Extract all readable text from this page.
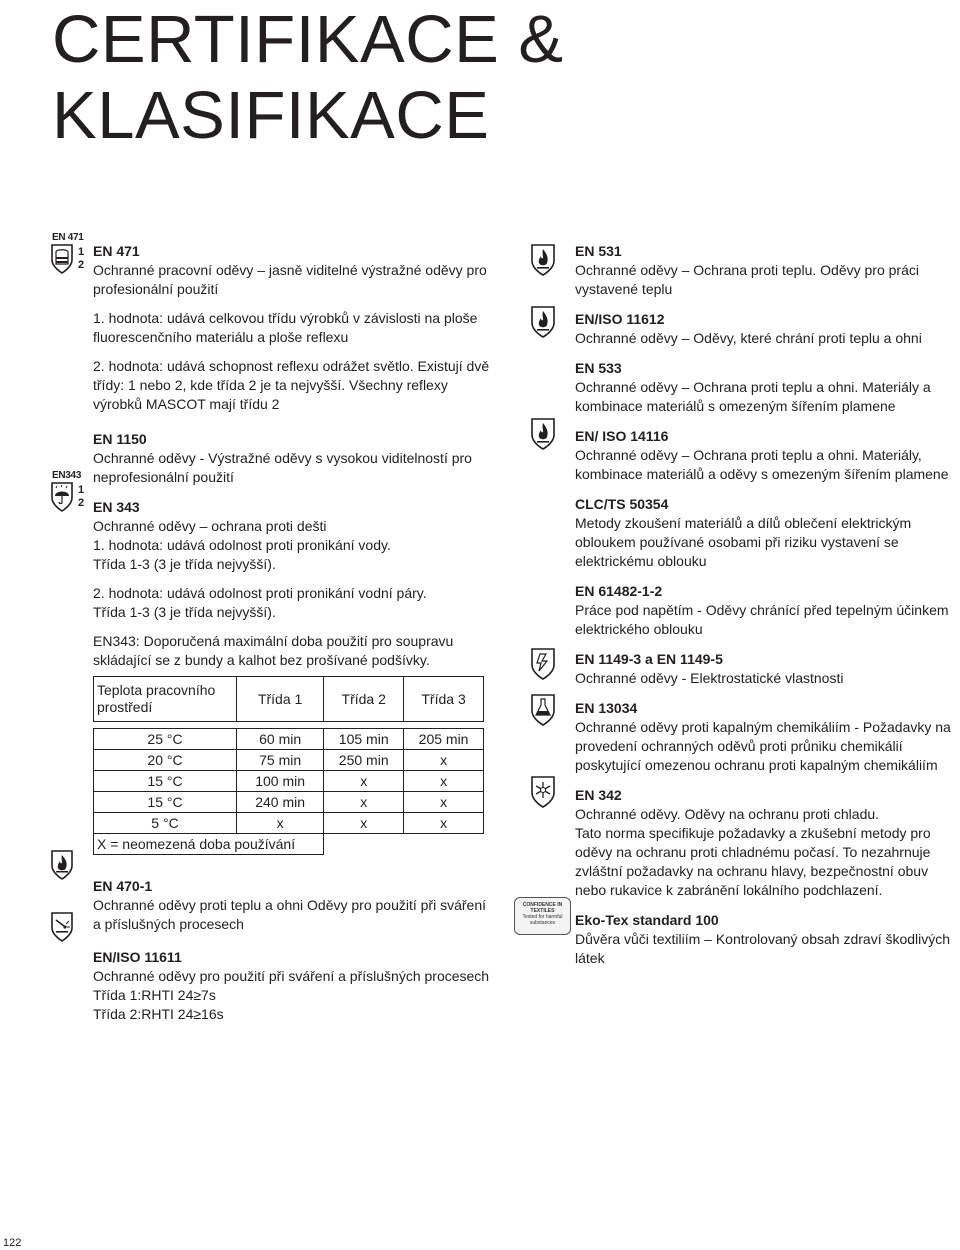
CERTIFIKACE &
KLASIFIKACE
EN 471
1
2
EN343
1
2
CONFIDENCE IN TEXTILES
Tested for harmful substances

EN 471

Ochranné pracovní oděvy – jasně viditelné výstražné oděvy pro profesionální použití

1. hodnota: udává celkovou třídu výrobků v závislosti na ploše fluorescenčního materiálu a ploše reflexu

2. hodnota: udává schopnost reflexu odrážet světlo. Existují dvě třídy: 1 nebo 2, kde třída 2 je ta nejvyšší. Všechny reflexy výrobků MASCOT mají třídu 2

EN 1150

Ochranné oděvy - Výstražné oděvy s vysokou viditelností pro neprofesionální použití

EN 343

Ochranné oděvy – ochrana proti dešti

1. hodnota: udává odolnost proti pronikání vody.

Třída 1-3 (3 je třída nejvyšší).

2. hodnota: udává odolnost proti pronikání vodní páry.

Třída 1-3 (3 je třída nejvyšší).

EN343: Doporučená maximální doba použití pro soupravu skládající se z bundy a kalhot bez prošívané podšívky.

Teplota pracovního prostředí	Třída 1	Třída 2	Třída 3

25 °C	60 min	105 min	205 min
20 °C	75 min	250 min	x
15 °C	100 min	x	x
15 °C	240 min	x	x
5 °C	x	x	x
X = neomezená doba používání			

EN 470-1

Ochranné oděvy proti teplu a ohni Oděvy pro použití při sváření a příslušných procesech

EN/ISO 11611

Ochranné oděvy pro použití při sváření a příslušných procesech

Třída 1:RHTI 24≥7s

Třída 2:RHTI 24≥16s

EN 531

Ochranné oděvy – Ochrana proti teplu. Oděvy pro práci vystavené teplu

EN/ISO 11612

Ochranné oděvy – Oděvy, které chrání proti teplu a ohni

EN 533

Ochranné oděvy – Ochrana proti teplu a ohni. Materiály a kombinace materiálů s omezeným šířením plamene

EN/ ISO 14116

Ochranné oděvy – Ochrana proti teplu a ohni. Materiály, kombinace materiálů a oděvy s omezeným šířením plamene

CLC/TS 50354

Metody zkoušení materiálů a dílů oblečení elektrickým obloukem používané osobami při riziku vystavení se elektrickému oblouku

EN 61482-1-2

Práce pod napětím - Oděvy chránící před tepelným účinkem elektrického oblouku

EN 1149-3 a EN 1149-5

Ochranné oděvy - Elektrostatické vlastnosti

EN 13034

Ochranné oděvy proti kapalným chemikáliím - Požadavky na provedení ochranných oděvů proti průniku chemikálií poskytující omezenou ochranu proti kapalným chemikáliím

EN 342

Ochranné oděvy. Oděvy na ochranu proti chladu.

Tato norma specifikuje požadavky a zkušební metody pro oděvy na ochranu proti chladnému počasí. To nezahrnuje zvláštní požadavky na ochranu hlavy, bezpečnostní obuv nebo rukavice k zabránění lokálního podchlazení.

Eko-Tex standard 100

Důvěra vůči textiliím – Kontrolovaný obsah zdraví škodlivých látek

122
